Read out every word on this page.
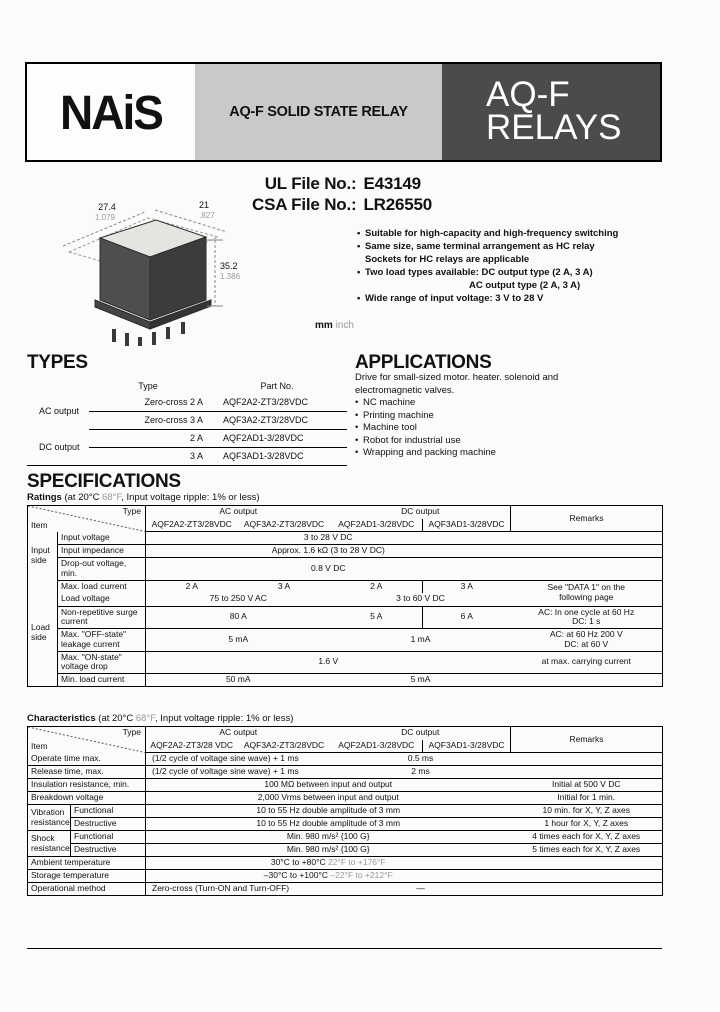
NAiS	AQ-F SOLID STATE RELAY AQ-F
RELAYS
UL File No.: E43149
CSA File No.: LR26550
27.4
1.079
21
.827
35.2
1.386
mm inch
• Suitable for high-capacity and high-frequency switching
• Same size, same terminal arrangement as HC relay
Sockets for HC relays are applicable
• Two load types available: DC output type (2 A, 3 A)
AC output type (2 A, 3 A)
• Wide range of input voltage: 3 V to 28 V
TYPES
	Type	Part No.
AC output	Zero-cross 2 A	AQF2A2-ZT3/28VDC
	Zero-cross 3 A	AQF3A2-ZT3/28VDC
DC output	2 A	AQF2AD1-3/28VDC
	3 A	AQF3AD1-3/28VDC
APPLICATIONS
Drive for small-sized motor. heater. solenoid and
electromagnetic valves.
• NC machine
• Printing machine
• Machine tool
• Robot for industrial use
• Wrapping and packing machine
SPECIFICATIONS
Ratings (at 20°C 68°F, Input voltage ripple: 1% or less)
Type
Item		AC output		DC output		Remarks
		AQF2A2-ZT3/28VDC	AQF3A2-ZT3/28VDC	AQF2AD1-3/28VDC	AQF3AD1-3/28VDC	

Input
side	Input voltage	3 to 28 V DC				
	Input impedance	Approx. 1.6 kΩ (3 to 28 V DC)				
	Drop-out voltage, min.	0.8 V DC				

Load
side
	Max. load current	2 A	3 A	2 A	3 A	See "DATA 1" on the
following page

	Load voltage	75 to 250 V AC		3 to 60 V DC		

Non-repetitive surge
current	80 A	5 A	6 A	AC: In one cycle at 60 Hz
DC: 1 s

Max. "OFF-state"
leakage current	5 mA	1 mA	AC: at 60 Hz 200 V
DC: at 60 V

	Max. "ON-state"
voltage drop	1.6 V				at max. carrying current
	Min. load current	50 mA		5 mA		
Characteristics (at 20°C 68°F, Input voltage ripple: 1% or less)
Type
Item		AC output		DC output		Remarks
		AQF2A2-ZT3/28 VDC	AQF3A2-ZT3/28VDC	AQF2AD1-3/28VDC	AQF3AD1-3/28VDC	
Operate time max.		(1/2 cycle of voltage sine wave) + 1 ms		0.5 ms		
Release time, max.		(1/2 cycle of voltage sine wave) + 1 ms		2 ms		
Insulation resistance, min.		100 MΩ between input and output				Initial at 500 V DC
Breakdown voltage		2,000 Vrms between input and output				Initial for 1 min.
Vibration resistance	Functional	10 to 55 Hz double amplitude of 3 mm				10 min. for X, Y, Z axes
	Destructive	10 to 55 Hz double amplitude of 3 mm				1 hour for X, Y, Z axes
Shock resistance	Functional	Min. 980 m/s² {100 G}				4 times each for X, Y, Z axes
	Destructive	Min. 980 m/s² {100 G}				5 times each for X, Y, Z axes
Ambient temperature		30°C to +80°C 22°F to +176°F				
Storage temperature		–30°C to +100°C –22°F to +212°F				
Operational method		Zero-cross (Turn-ON and Turn-OFF)		—		
